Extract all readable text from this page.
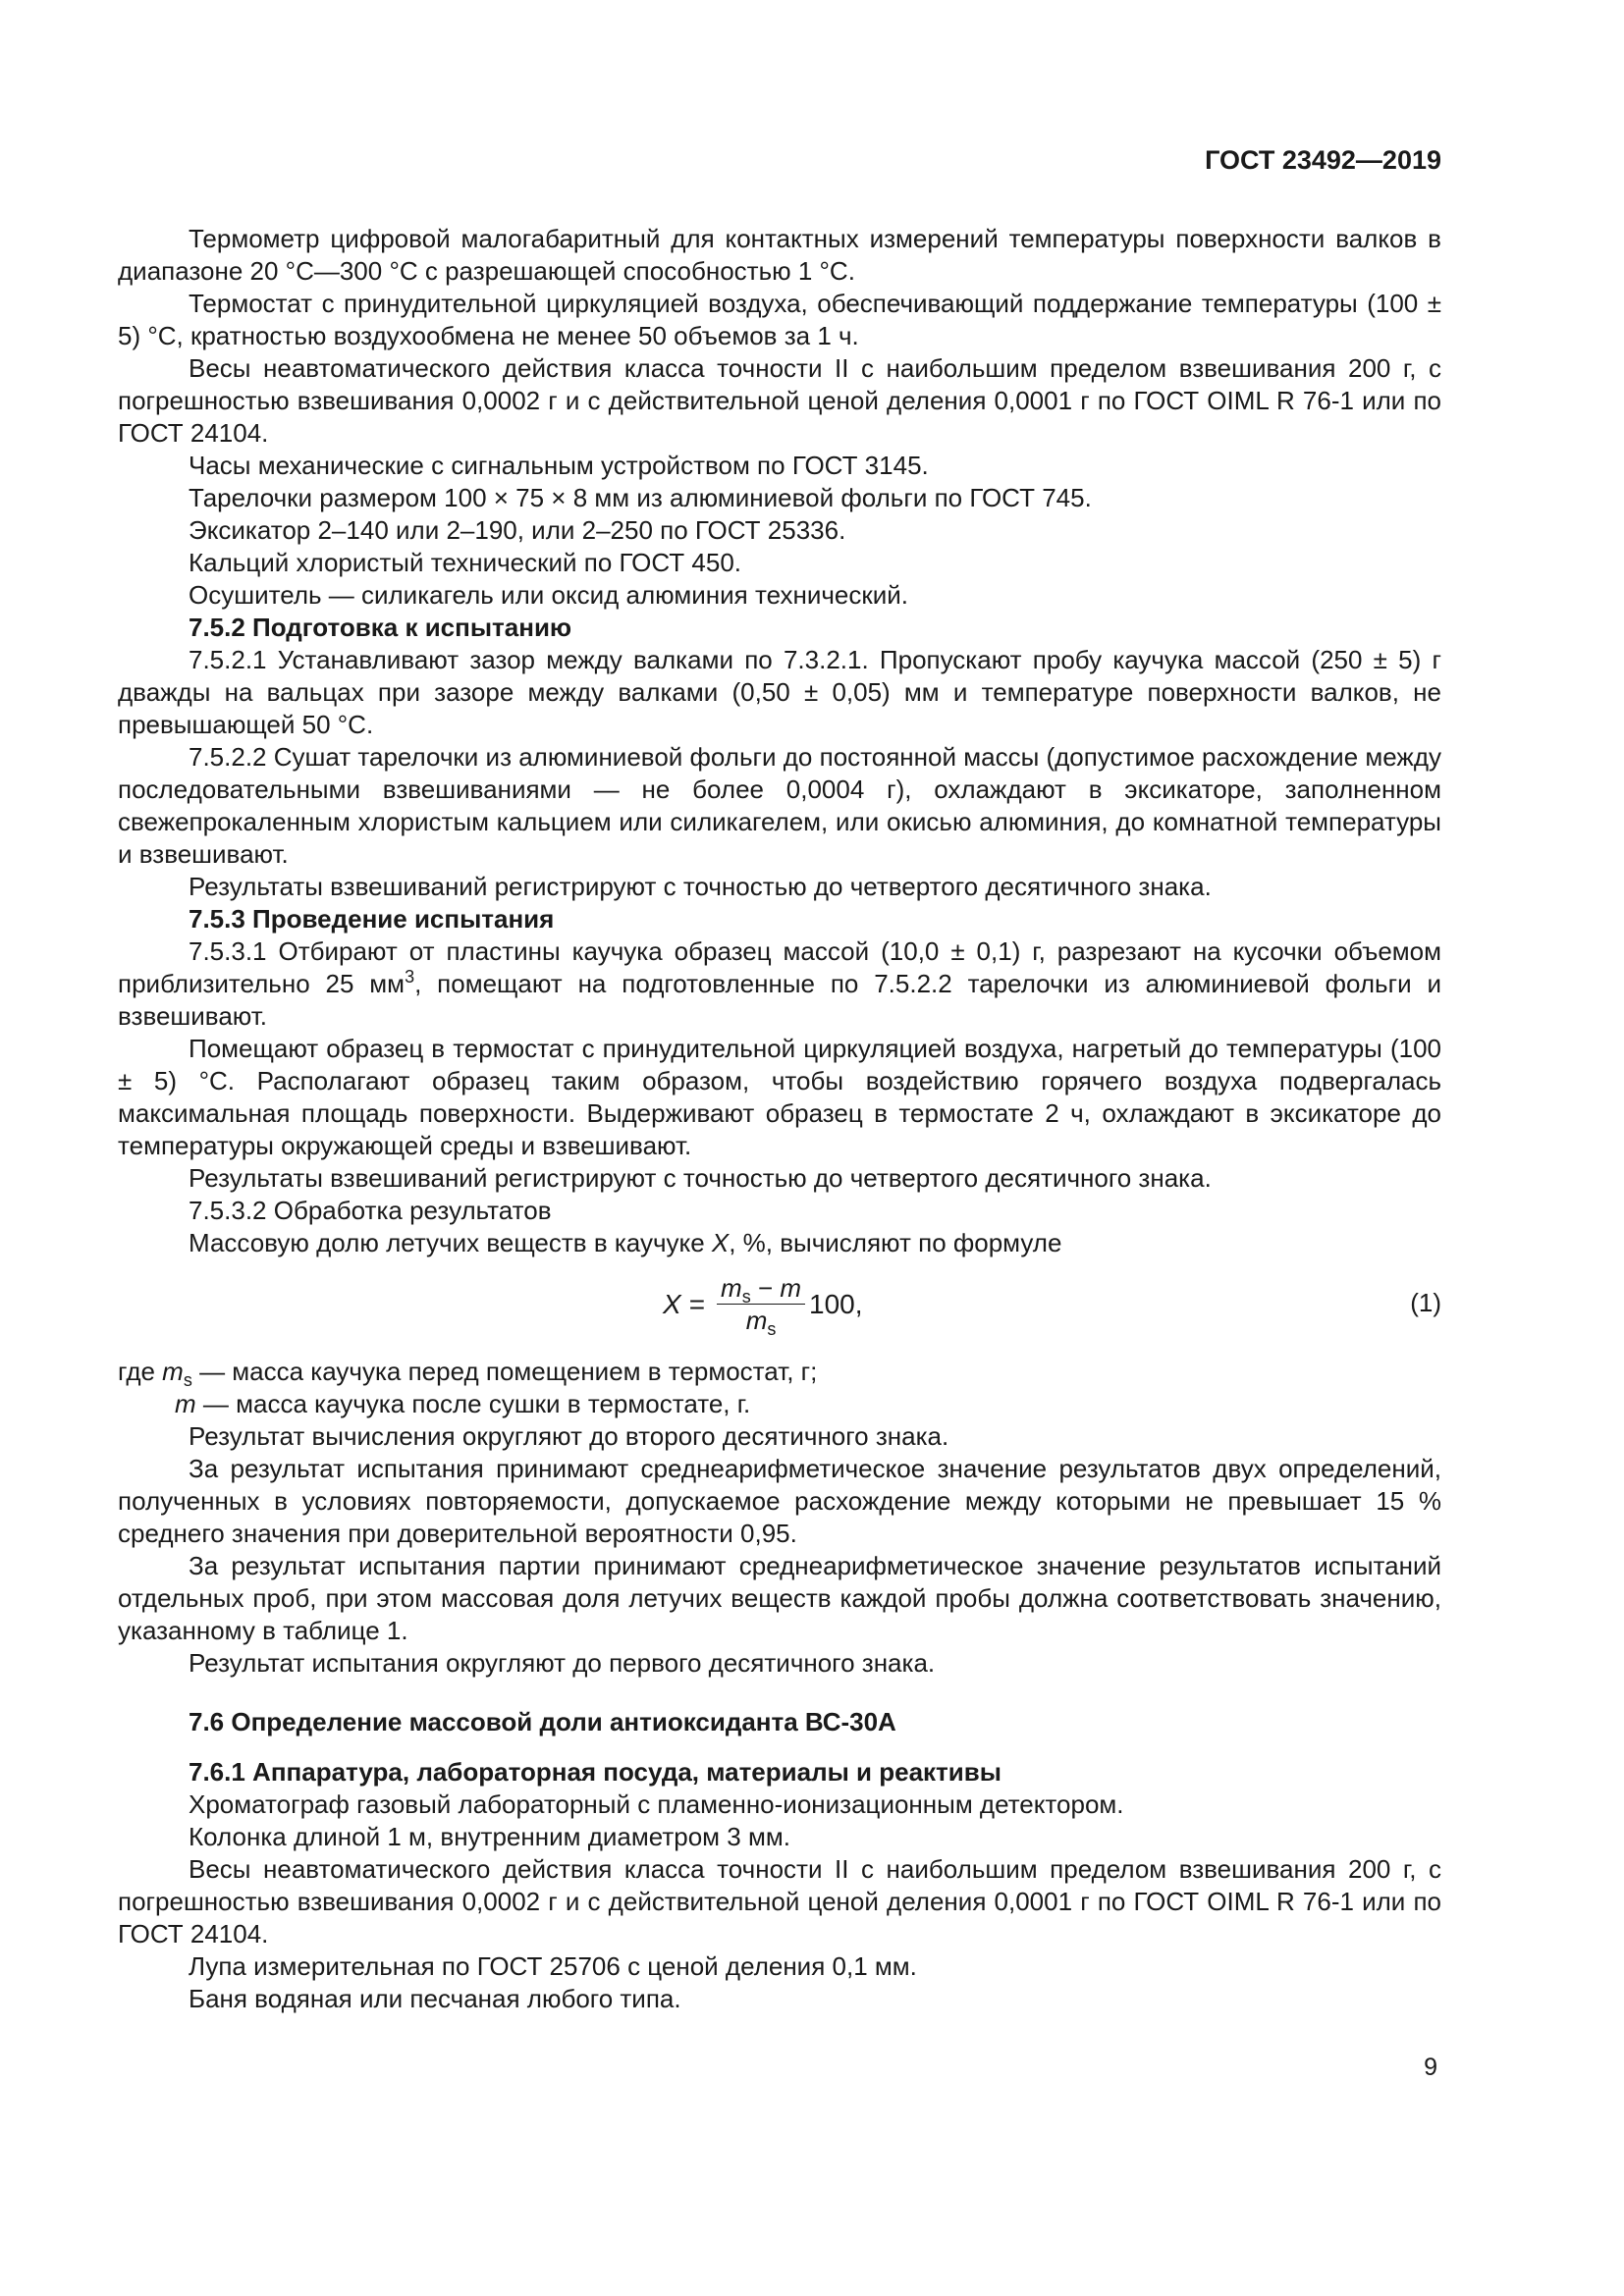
ГОСТ 23492—2019

Термометр цифровой малогабаритный для контактных измерений температуры поверхности валков в диапазоне 20 °С—300 °С с разрешающей способностью 1 °С.

Термостат с принудительной циркуляцией воздуха, обеспечивающий поддержание температуры (100 ± 5) °С, кратностью воздухообмена не менее 50 объемов за 1 ч.

Весы неавтоматического действия класса точности II с наибольшим пределом взвешивания 200 г, с погрешностью взвешивания 0,0002 г и с действительной ценой деления 0,0001 г по ГОСТ OIML R 76-1 или по ГОСТ 24104.

Часы механические с сигнальным устройством по ГОСТ 3145.

Тарелочки размером 100 × 75 × 8 мм из алюминиевой фольги по ГОСТ 745.

Эксикатор 2–140 или 2–190, или 2–250 по ГОСТ 25336.

Кальций хлористый технический по ГОСТ 450.

Осушитель — силикагель или оксид алюминия технический.

7.5.2 Подготовка к испытанию

7.5.2.1 Устанавливают зазор между валками по 7.3.2.1. Пропускают пробу каучука массой (250 ± 5) г дважды на вальцах при зазоре между валками (0,50 ± 0,05) мм и температуре поверхности валков, не превышающей 50 °С.

7.5.2.2 Сушат тарелочки из алюминиевой фольги до постоянной массы (допустимое расхождение между последовательными взвешиваниями — не более 0,0004 г), охлаждают в эксикаторе, заполненном свежепрокаленным хлористым кальцием или силикагелем, или окисью алюминия, до комнатной температуры и взвешивают.

Результаты взвешиваний регистрируют с точностью до четвертого десятичного знака.

7.5.3 Проведение испытания

7.5.3.1 Отбирают от пластины каучука образец массой (10,0 ± 0,1) г, разрезают на кусочки объемом приблизительно 25 $мм^3$, помещают на подготовленные по 7.5.2.2 тарелочки из алюминиевой фольги и взвешивают.

Помещают образец в термостат с принудительной циркуляцией воздуха, нагретый до температуры (100 ± 5) °С. Располагают образец таким образом, чтобы воздействию горячего воздуха подвергалась максимальная площадь поверхности. Выдерживают образец в термостате 2 ч, охлаждают в эксикаторе до температуры окружающей среды и взвешивают.

Результаты взвешиваний регистрируют с точностью до четвертого десятичного знака.

7.5.3.2 Обработка результатов

Массовую долю летучих веществ в каучуке X, %, вычисляют по формуле

$X = \frac{m_s - m}{m_s} 100$,	(1)
где $m_s$ — масса каучука перед помещением в термостат, г;
m — масса каучука после сушки в термостате, г.

Результат вычисления округляют до второго десятичного знака.

За результат испытания принимают среднеарифметическое значение результатов двух определений, полученных в условиях повторяемости, допускаемое расхождение между которыми не превышает 15 % среднего значения при доверительной вероятности 0,95.

За результат испытания партии принимают среднеарифметическое значение результатов испытаний отдельных проб, при этом массовая доля летучих веществ каждой пробы должна соответствовать значению, указанному в таблице 1.

Результат испытания округляют до первого десятичного знака.

7.6 Определение массовой доли антиоксиданта ВС-30А

7.6.1 Аппаратура, лабораторная посуда, материалы и реактивы

Хроматограф газовый лабораторный с пламенно-ионизационным детектором.

Колонка длиной 1 м, внутренним диаметром 3 мм.

Весы неавтоматического действия класса точности II с наибольшим пределом взвешивания 200 г, с погрешностью взвешивания 0,0002 г и с действительной ценой деления 0,0001 г по ГОСТ OIML R 76-1 или по ГОСТ 24104.

Лупа измерительная по ГОСТ 25706 с ценой деления 0,1 мм.

Баня водяная или песчаная любого типа.

9
